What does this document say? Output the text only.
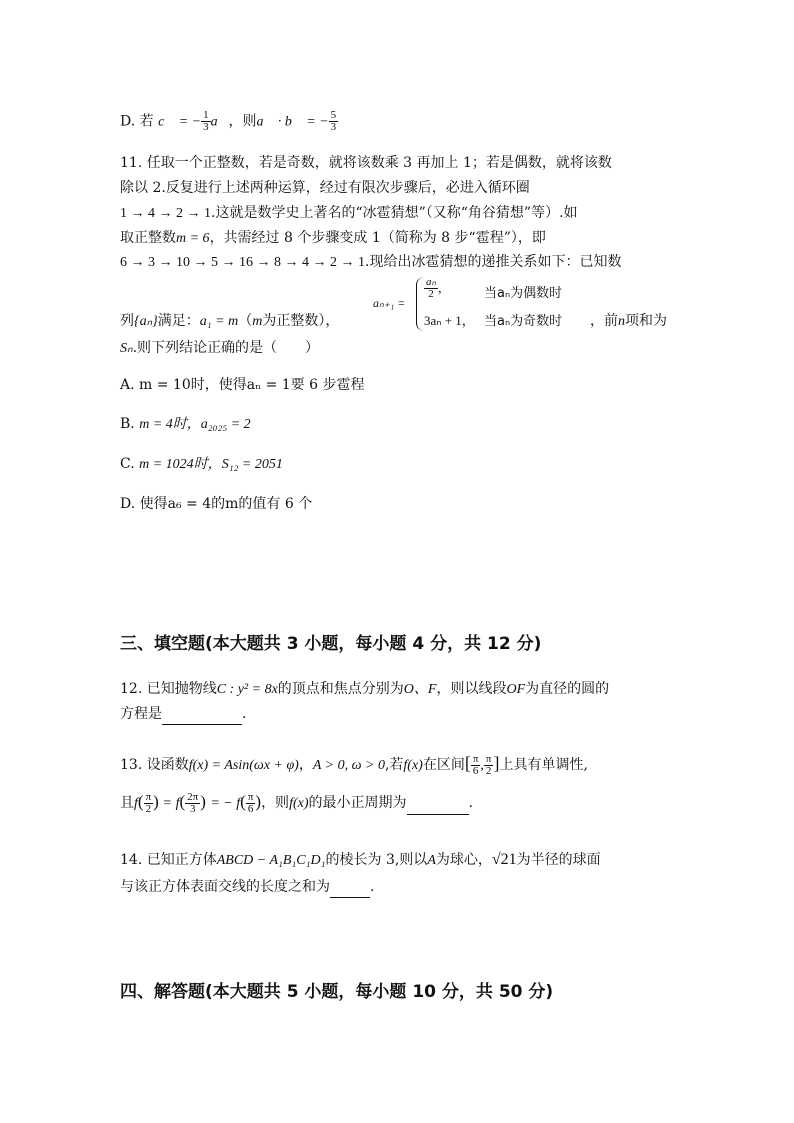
D. 若 c⃗ = − $\frac{1}{3}$ a⃗，则a⃗ · b⃗ = − $\frac{5}{3}$
11. 任取一个正整数，若是奇数，就将该数乘 3 再加上 1；若是偶数，就将该数
除以 2.反复进行上述两种运算，经过有限次步骤后，必进入循环圈
1 → 4 → 2 → 1.这就是数学史上著名的“冰雹猜想”（又称“角谷猜想”等）.如
取正整数m = 6，共需经过 8 个步骤变成 1（简称为 8 步“雹程”），即
6 → 3 → 10 → 5 → 16 → 8 → 4 → 2 → 1.现给出冰雹猜想的递推关系如下：已知数
列{aₙ}满足：a₁ = m（m为正整数），
aₙ₊₁ =
$\frac{\text{aₙ}}{2}$ ，	当aₙ为偶数时
3aₙ + 1， 当aₙ为奇数时 ，前n项和为
Sₙ.则下列结论正确的是（　　）
A. m = 10时，使得aₙ = 1要 6 步雹程
B. m = 4时，a₂₀₂₅ = 2
C. m = 1024时，S₁₂ = 2051
D. 使得a₆ = 4的m的值有 6 个
三、填空题(本大题共 3 小题，每小题 4 分，共 12 分)
12. 已知抛物线C : y² = 8x的顶点和焦点分别为O、F，则以线段OF为直径的圆的
方程是	.
13. 设函数f(x) = Asin(ωx + φ)，A > 0, ω > 0,若f(x)在区间[ $\frac{\pi}{6}$ , $\frac{\pi}{2}$ ]上具有单调性,
且$f( \frac{\pi}{2}$ ) = $f( \frac{2\pi}{3}$ ) = − $f( \frac{\pi}{6}$ )，则f(x)的最小正周期为	.
14. 已知正方体ABCD − A₁B₁C₁D₁的棱长为 3,则以A为球心，√21为半径的球面
与该正方体表面交线的长度之和为	.
四、解答题(本大题共 5 小题，每小题 10 分，共 50 分)
